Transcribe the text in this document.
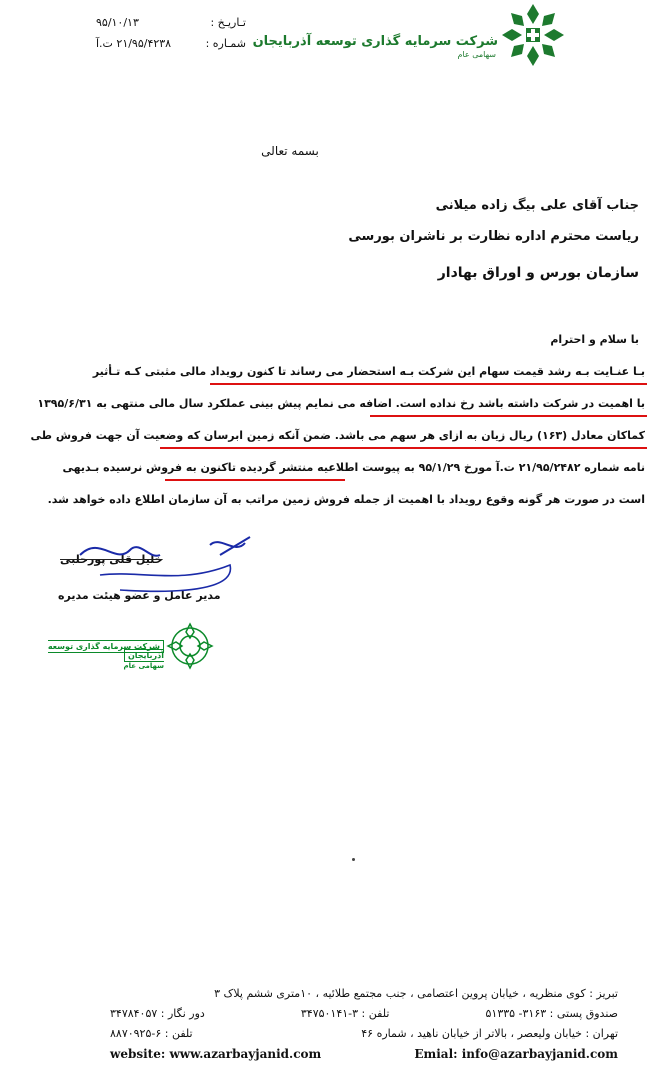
شرکت سرمایه گذاری توسعه آذربایجان
سهامی عام
تـاریـخ :
۹۵/۱۰/۱۳
شمـاره :
۲۱/۹۵/۴۲۳۸ ت.آ
بسمه تعالی
جناب آقای علی بیگ زاده میلانی
ریاست محترم اداره نظارت بر ناشران بورسی
سازمان بورس و اوراق بهادار
با سلام و احترام
بـا عنـایت بـه رشد قیمت سهام این شرکت بـه استحضار می رساند تا کنون رویداد مالی مثبتی کـه تـأثیر
با اهمیت در شرکت داشته باشد رخ نداده است. اضافه می نمایم پیش بینی عملکرد سال مالی منتهی به ۱۳۹۵/۶/۳۱
کماکان معادل (۱۶۳) ریال زیان به ازای هر سهم می باشد. ضمن آنکه زمین ابرسان که وضعیت آن جهت فروش طی
نامه شماره ۲۱/۹۵/۲۴۸۲ ت.آ مورخ ۹۵/۱/۲۹ به پیوست اطلاعیه منتشر گردیده تاکنون به فروش نرسیده بـدیهی
است در صورت هر گونه وقوع رویداد با اهمیت از جمله فروش زمین مراتب به آن سازمان اطلاع داده خواهد شد.
خلیل قلی پورحلبی
مدیر عامل و عضو هیئت مدیره
شرکت سرمایه گذاری توسعه آذربایجان
سهامی عام
تبریز : کوی منظریه ، خیابان پروین اعتصامی ، جنب مجتمع طلائیه ، ۱۰متری ششم پلاک ۳
صندوق پستی : ۳۱۶۳- ۵۱۳۳۵
تلفن : ۳-۳۴۷۵۰۱۴۱
دور نگار : ۳۴۷۸۴۰۵۷
تهران : خیابان ولیعصر ، بالاتر از خیابان ناهید ، شماره ۴۶
تلفن : ۶-۸۸۷۰۹۲۵
website: www.azarbayjanid.com	Emial: info@azarbayjanid.com
